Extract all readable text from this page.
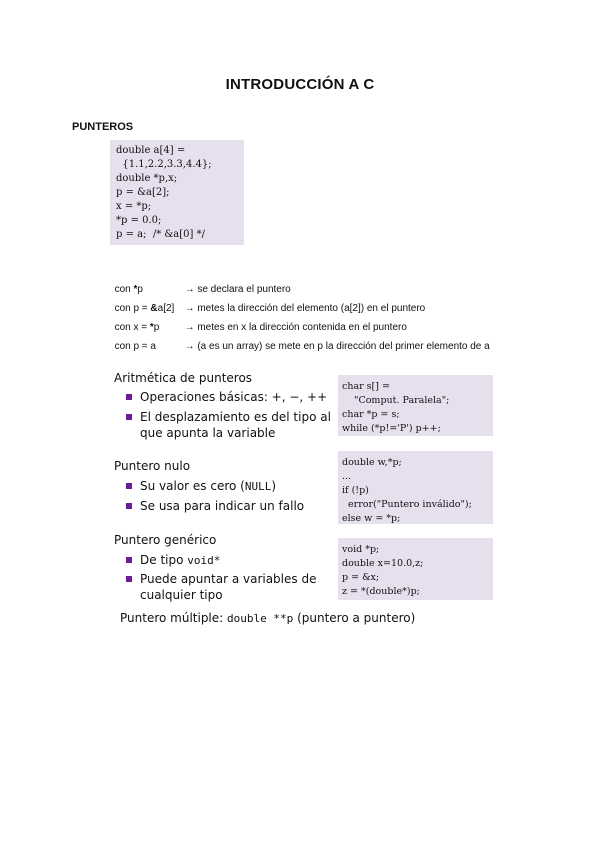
INTRODUCCIÓN A C
PUNTEROS
double a[4] =
{1.1,2.2,3.3,4.4};
double *p,x;
p = &a[2];
x = *p;
*p = 0.0;
p = a;  /* &a[0] */

con *p	→ se declara el puntero

con p = &a[2] → metes la dirección del elemento (a[2]) en el puntero

con x = *p	→ metes en x la dirección contenida en el puntero

con p = a	→ (a es un array) se mete en p la dirección del primer elemento de a

Aritmética de punteros
Operaciones básicas: +, −, ++
El desplazamiento es del tipo al
que apunta la variable
char s[] =
"Comput. Paralela";
char *p = s;
while (*p!='P') p++;
Puntero nulo
Su valor es cero (NULL)
Se usa para indicar un fallo
double w,*p;
...
if (!p)
error("Puntero inválido");
else w = *p;
Puntero genérico
De tipo void*
Puede apuntar a variables de
cualquier tipo
void *p;
double x=10.0,z;
p = &x;
z = *(double*)p;
Puntero múltiple: double **p (puntero a puntero)
